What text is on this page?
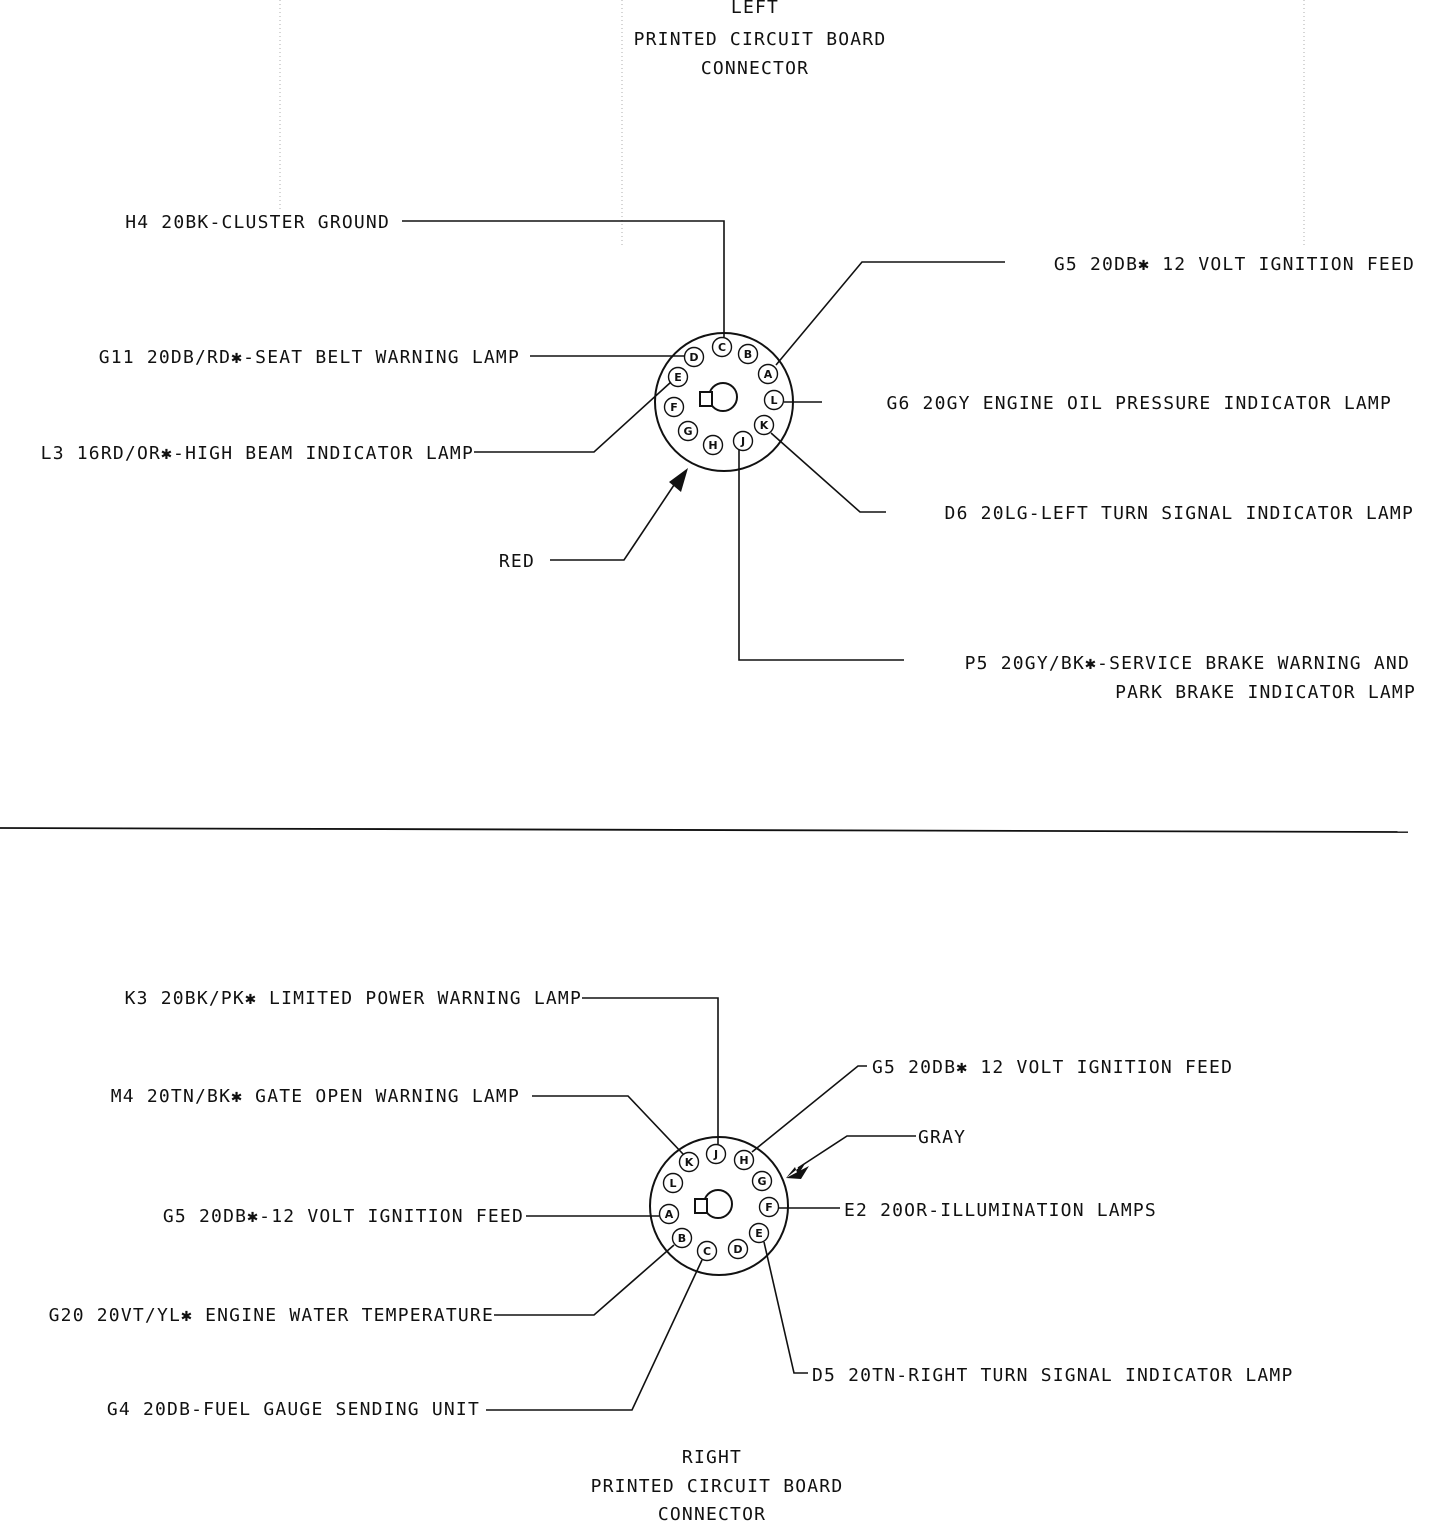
LEFT
PRINTED CIRCUIT BOARD
CONNECTOR
C
B
D
A
E
L
F
K
G
J
H
H4 20BK-CLUSTER GROUND
G5 20DB✱ 12 VOLT IGNITION FEED
G11 20DB/RD✱-SEAT BELT WARNING LAMP
G6 20GY ENGINE OIL PRESSURE INDICATOR LAMP
L3 16RD/OR✱-HIGH BEAM INDICATOR LAMP
D6 20LG-LEFT TURN SIGNAL INDICATOR LAMP
RED
P5 20GY/BK✱-SERVICE BRAKE WARNING AND
PARK BRAKE INDICATOR LAMP
J H
K
G
L
F
A
E
B
D
C
K3 20BK/PK✱ LIMITED POWER WARNING LAMP
G5 20DB✱ 12 VOLT IGNITION FEED
M4 20TN/BK✱ GATE OPEN WARNING LAMP
GRAY
G5 20DB✱-12 VOLT IGNITION FEED	E2 20OR-ILLUMINATION LAMPS
G20 20VT/YL✱ ENGINE WATER TEMPERATURE
D5 20TN-RIGHT TURN SIGNAL INDICATOR LAMP
G4 20DB-FUEL GAUGE SENDING UNIT
RIGHT
PRINTED CIRCUIT BOARD
CONNECTOR
